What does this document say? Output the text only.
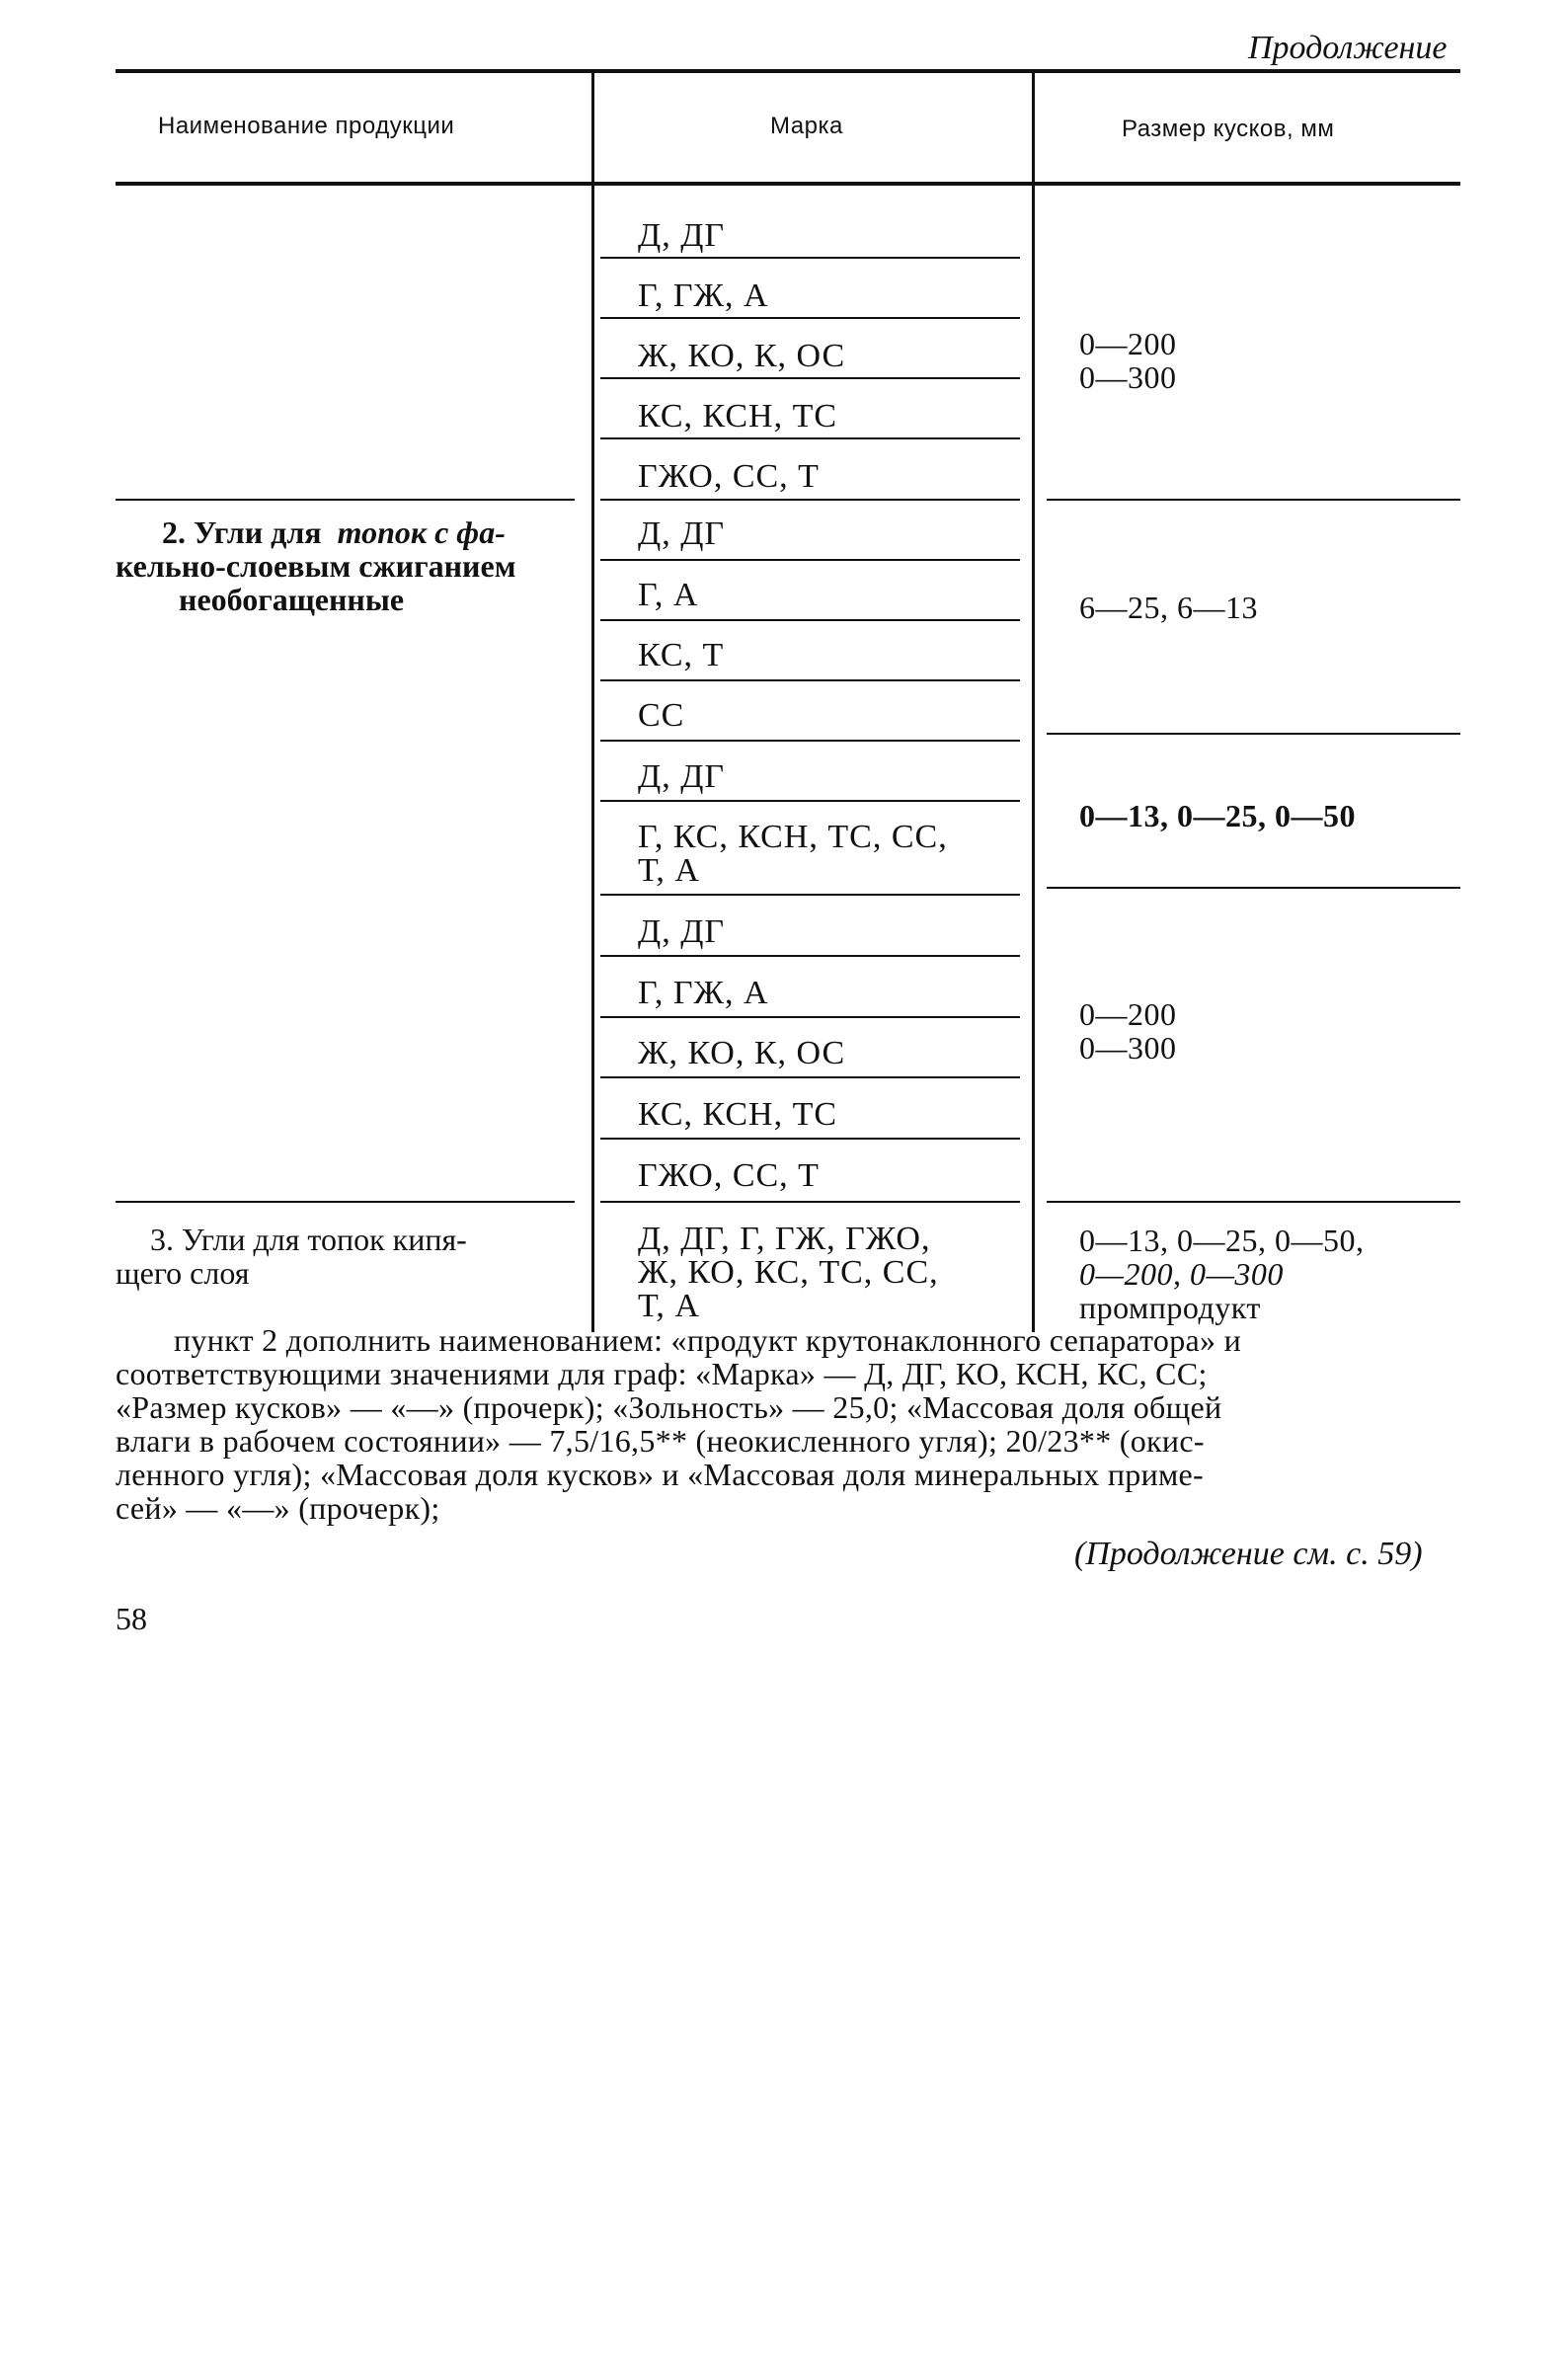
Продолжение
Наименование продукции	Марка	Размер кусков, мм
Д, ДГ
Г, ГЖ, А
Ж, КО, К, ОС
КС, КСН, ТС
ГЖО, СС, Т
0—200
0—300
2. Угли для топок с фа-
кельно-слоевым сжиганием
необогащенные
Д, ДГ
Г, А
КС, Т
СС
6—25, 6—13
Д, ДГ
Г, КС, КСН, ТС, СС,
Т, А
0—13, 0—25, 0—50
Д, ДГ
Г, ГЖ, А
Ж, КО, К, ОС
КС, КСН, ТС
ГЖО, СС, Т
0—200
0—300
3. Угли для топок кипя-
щего слоя
Д, ДГ, Г, ГЖ, ГЖО,
Ж, КО, КС, ТС, СС,
Т, А
0—13, 0—25, 0—50,
0—200, 0—300
промпродукт
пункт 2 дополнить наименованием: «продукт крутонаклонного сепаратора» и
соответствующими значениями для граф: «Марка» — Д, ДГ, КО, КСН, КС, СС;
«Размер кусков» — «—» (прочерк); «Зольность» — 25,0; «Массовая доля общей
влаги в рабочем состоянии» — 7,5/16,5** (неокисленного угля); 20/23** (окис-
ленного угля); «Массовая доля кусков» и «Массовая доля минеральных приме-
сей» — «—» (прочерк);
(Продолжение см. с. 59)
58
